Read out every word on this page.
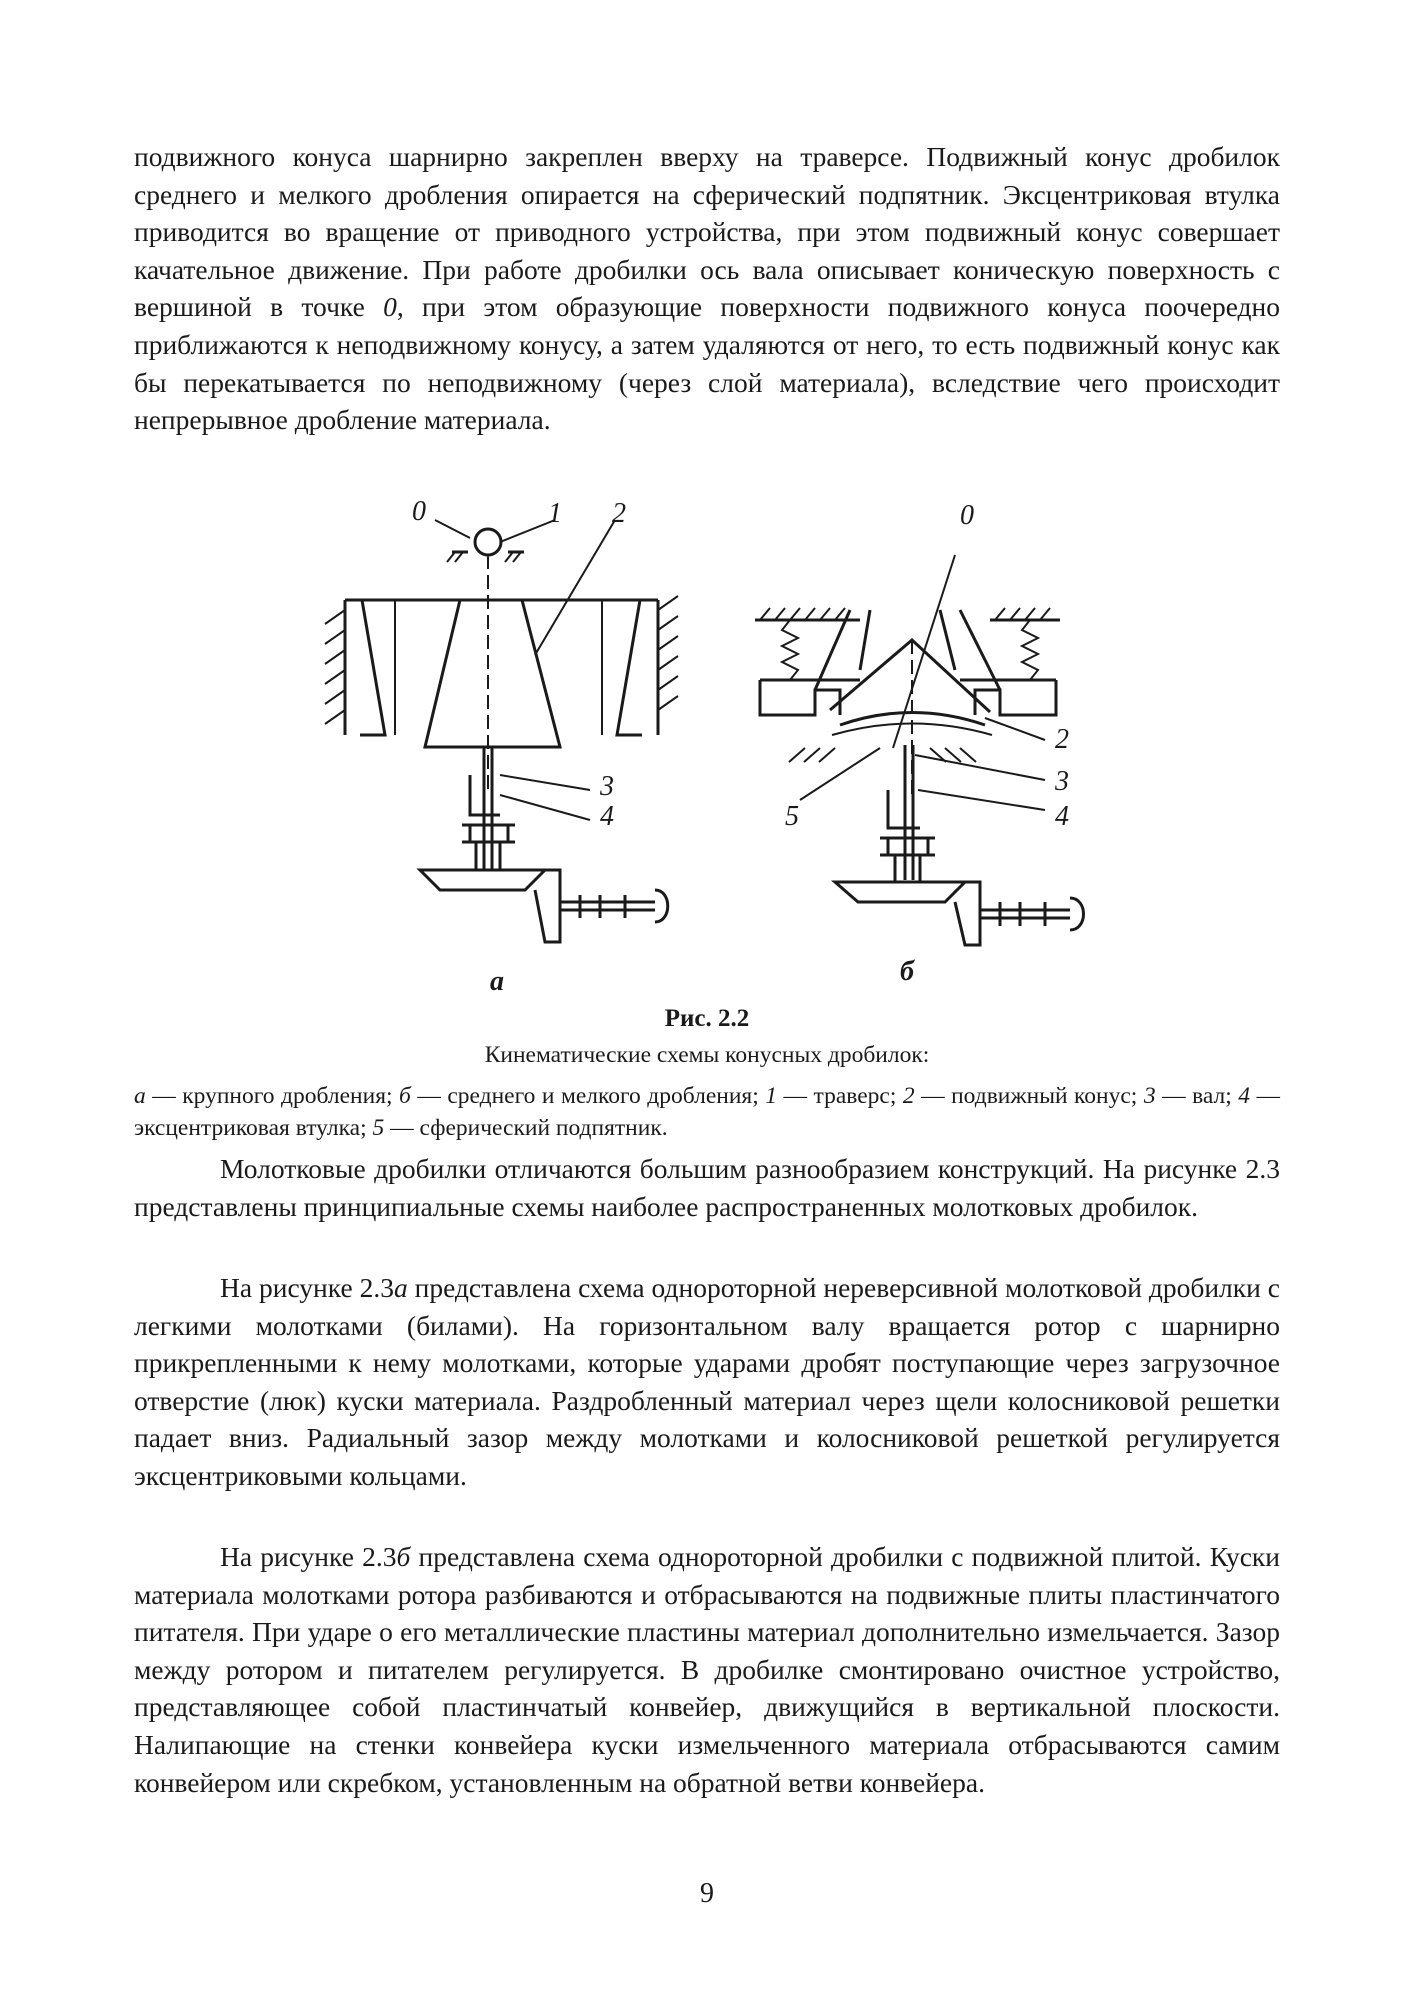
подвижного конуса шарнирно закреплен вверху на траверсе. Подвижный конус дробилок среднего и мелкого дробления опирается на сферический подпятник. Эксцентриковая втулка приводится во вращение от приводного устройства, при этом подвижный конус совершает качательное движение. При работе дробилки ось вала описывает коническую поверхность с вершиной в точке 0, при этом образующие поверхности подвижного конуса поочередно приближаются к неподвижному конусу, а затем удаляются от него, то есть подвижный конус как бы перекатывается по неподвижному (через слой материала), вследствие чего происходит непрерывное дробление материала.

0	1 2
3
4
а
0
2
3
4
5
б
Рис. 2.2
Кинематические схемы конусных дробилок:
а — крупного дробления; б — среднего и мелкого дробления; 1 — траверс; 2 — подвижный конус; 3 — вал; 4 — эксцентриковая втулка; 5 — сферический подпятник.

Молотковые дробилки отличаются большим разнообразием конструкций. На рисунке 2.3 представлены принципиальные схемы наиболее распространенных молотковых дробилок.

На рисунке 2.3а представлена схема однороторной нереверсивной молотковой дробилки с легкими молотками (билами). На горизонтальном валу вращается ротор с шарнирно прикрепленными к нему молотками, которые ударами дробят поступающие через загрузочное отверстие (люк) куски материала. Раздробленный материал через щели колосниковой решетки падает вниз. Радиальный зазор между молотками и колосниковой решеткой регулируется эксцентриковыми кольцами.

На рисунке 2.3б представлена схема однороторной дробилки с подвижной плитой. Куски материала молотками ротора разбиваются и отбрасываются на подвижные плиты пластинчатого питателя. При ударе о его металлические пластины материал дополнительно измельчается. Зазор между ротором и питателем регулируется. В дробилке смонтировано очистное устройство, представляющее собой пластинчатый конвейер, движущийся в вертикальной плоскости. Налипающие на стенки конвейера куски измельченного материала отбрасываются самим конвейером или скребком, установленным на обратной ветви конвейера.

9
